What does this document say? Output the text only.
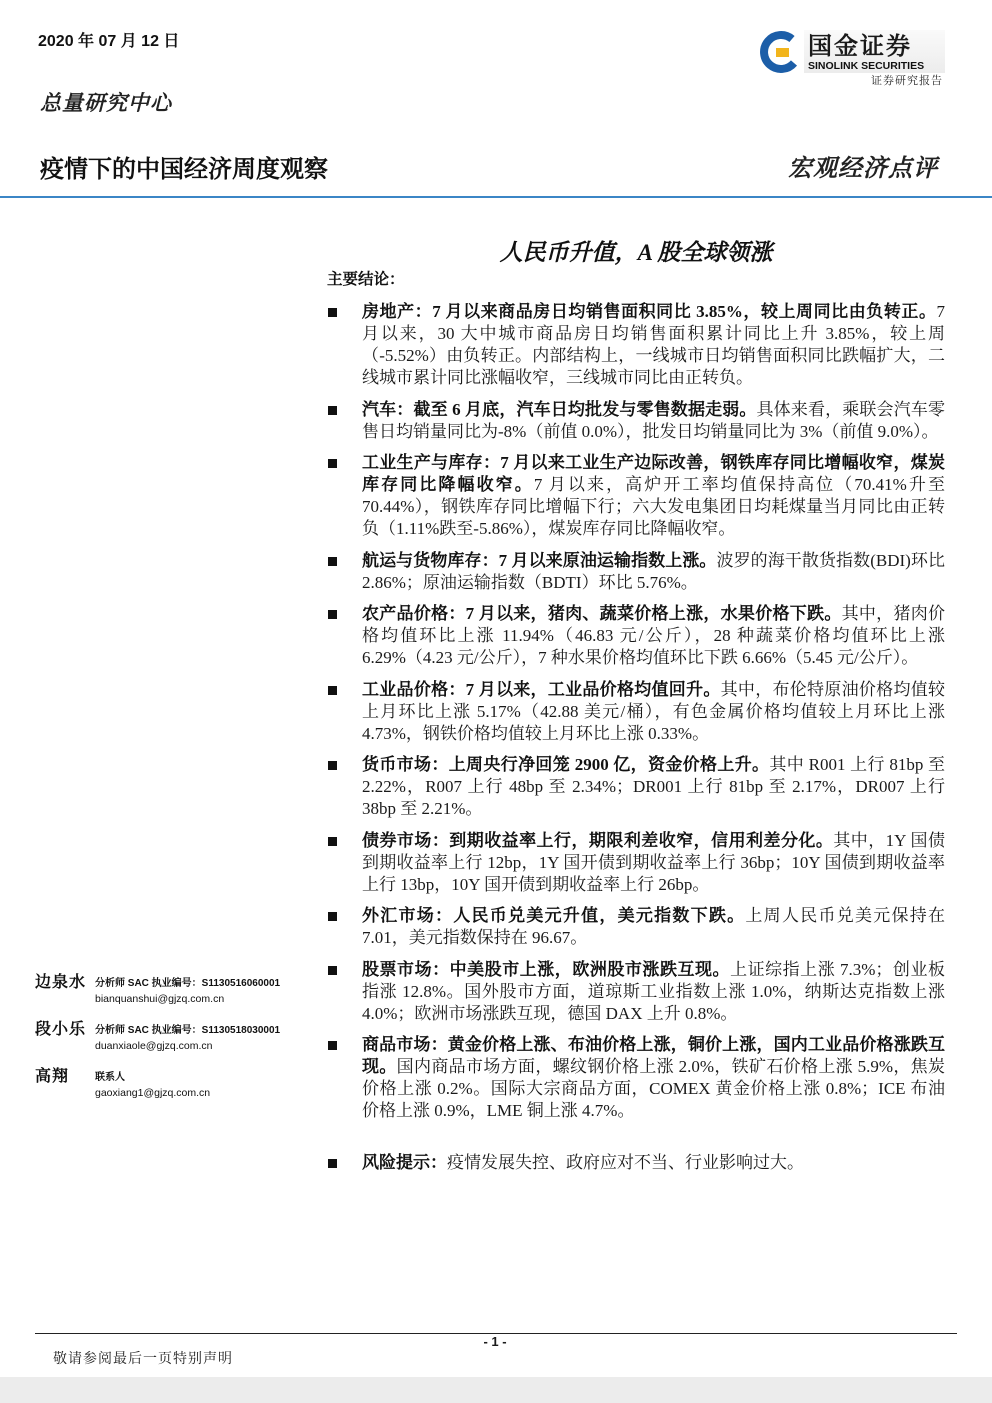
2020 年 07 月 12 日	国金证券
SINOLINK SECURITIES
证券研究报告
总量研究中心
疫情下的中国经济周度观察	宏观经济点评
人民币升值，A 股全球领涨
主要结论：
房地产：7 月以来商品房日均销售面积同比 3.85%，较上周同比由负转正。7 月以来，30 大中城市商品房日均销售面积累计同比上升 3.85%，较上周（-5.52%）由负转正。内部结构上，一线城市日均销售面积同比跌幅扩大，二线城市累计同比涨幅收窄，三线城市同比由正转负。
汽车：截至 6 月底，汽车日均批发与零售数据走弱。具体来看，乘联会汽车零售日均销量同比为-8%（前值 0.0%），批发日均销量同比为 3%（前值 9.0%）。
工业生产与库存：7 月以来工业生产边际改善，钢铁库存同比增幅收窄，煤炭库存同比降幅收窄。7 月以来，高炉开工率均值保持高位（70.41%升至 70.44%），钢铁库存同比增幅下行；六大发电集团日均耗煤量当月同比由正转负（1.11%跌至-5.86%），煤炭库存同比降幅收窄。
航运与货物库存：7 月以来原油运输指数上涨。波罗的海干散货指数(BDI)环比 2.86%；原油运输指数（BDTI）环比 5.76%。
农产品价格：7 月以来，猪肉、蔬菜价格上涨，水果价格下跌。其中，猪肉价格均值环比上涨 11.94%（46.83 元/公斤），28 种蔬菜价格均值环比上涨 6.29%（4.23 元/公斤），7 种水果价格均值环比下跌 6.66%（5.45 元/公斤）。
工业品价格：7 月以来，工业品价格均值回升。其中，布伦特原油价格均值较上月环比上涨 5.17%（42.88 美元/桶），有色金属价格均值较上月环比上涨 4.73%，钢铁价格均值较上月环比上涨 0.33%。
货币市场：上周央行净回笼 2900 亿，资金价格上升。其中 R001 上行 81bp 至 2.22%，R007 上行 48bp 至 2.34%；DR001 上行 81bp 至 2.17%，DR007 上行 38bp 至 2.21%。
债券市场：到期收益率上行，期限利差收窄，信用利差分化。其中，1Y 国债到期收益率上行 12bp，1Y 国开债到期收益率上行 36bp；10Y 国债到期收益率上行 13bp，10Y 国开债到期收益率上行 26bp。
外汇市场：人民币兑美元升值，美元指数下跌。上周人民币兑美元保持在 7.01，美元指数保持在 96.67。
股票市场：中美股市上涨，欧洲股市涨跌互现。上证综指上涨 7.3%；创业板指涨 12.8%。国外股市方面，道琼斯工业指数上涨 1.0%，纳斯达克指数上涨 4.0%；欧洲市场涨跌互现，德国 DAX 上升 0.8%。
商品市场：黄金价格上涨、布油价格上涨，铜价上涨，国内工业品价格涨跌互现。国内商品市场方面，螺纹钢价格上涨 2.0%，铁矿石价格上涨 5.9%，焦炭价格上涨 0.2%。国际大宗商品方面，COMEX 黄金价格上涨 0.8%；ICE 布油价格上涨 0.9%，LME 铜上涨 4.7%。
风险提示：疫情发展失控、政府应对不当、行业影响过大。
边泉水 分析师 SAC 执业编号：S1130516060001
bianquanshui@gjzq.com.cn
段小乐 分析师 SAC 执业编号：S1130518030001
duanxiaole@gjzq.com.cn
高翔	联系人
gaoxiang1@gjzq.com.cn
- 1 -
敬请参阅最后一页特别声明
